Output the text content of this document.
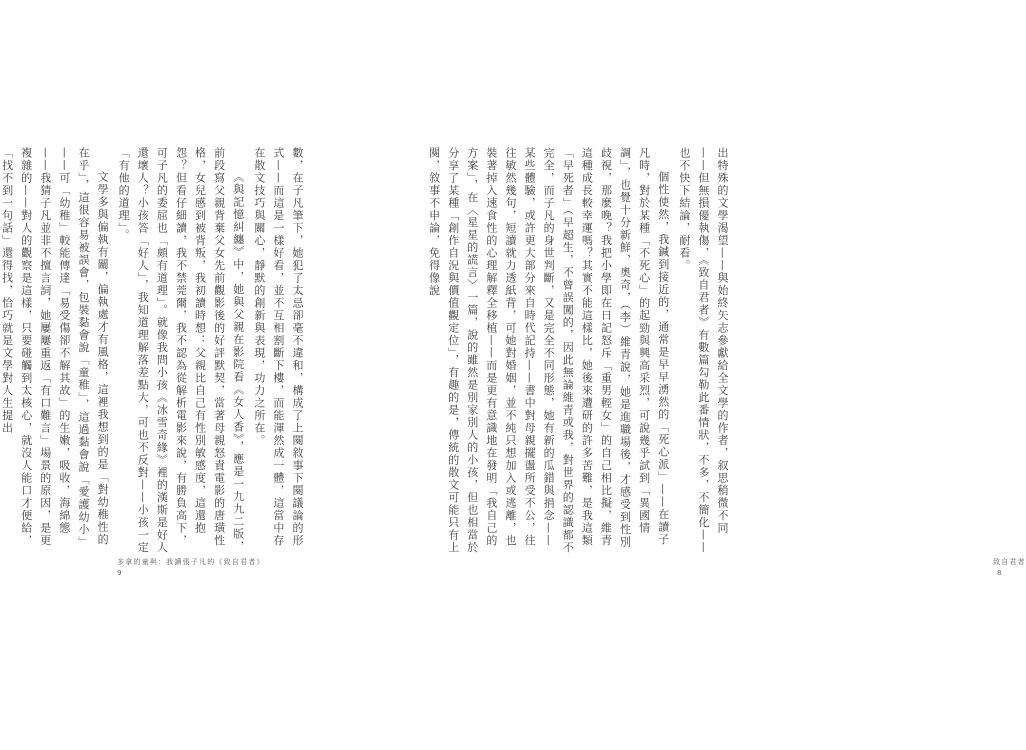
數，在子凡筆下，她犯了太忌卻毫不違和，構成了上闋敘事下闋議論的形式——而這是一樣好看，並不互相割斷下樓，而能渾然成一體，這當中存在散文技巧與關心，靜默的創新與表現，功力之所在。

《與記憶糾纏》中，她與父親在影院看《女人香》，應是一九九二版，前段寫父親背棄父女先前觀影後的好評默契，當著母親怒責電影的唐璜性格，女兒感到被背叛，我初讀時想：父親比自己有性別敏感度，這還抱怨？但看仔細讀，我不禁莞爾，我不認為從解析電影來說，有勝負高下，可子凡的委屈也「頗有道理」。就像我問小孩《冰雪奇緣》裡的漢斯是好人還壞人？小孩答「好人」，我知道理解落差點大，可也不反對——小孩一定「有他的道理」。

文學多與偏執有關，偏執處才有風格，這裡我想到的是「對幼稚性的在乎」，這很容易被誤會，包裝黏會說「童稚」，這過黏會說「愛護幼小」——可「幼稚」較能傳達「易受傷卻不解其故」的生嫩，吸收，海綿態——我猜子凡並非不擅言詞，她屢屢重返「有口難言」場景的原因，是更複雜的——對人的觀察是這樣，只要碰觸到太核心，就沒人能口才便給，「找不到一句話」還得找，恰巧就是文學對人生提出

多拿的童與：我讀張子凡的《致自君者》
9

出特殊的文學渴望——與始終矢志參獻給全文學的作者，叙思稍微不同——但無損優執傷，《致自君者》有數篇勾勒此番情狀，不多，不簡化——也不快下結論，耐看。

個性使然，我鍼到接近的，通常是早早湧然的「死心派」——在讀子凡時，對於某種「不死心」的起勁與興高采烈，可說幾乎試到「異國情調」，也覺十分新鮮，奧奇，（李）維青說，她是進職場後，才感受到性別歧視，那麼晚？我把小學即在日記怒斥「重男輕女」的自己相比擬，維青這種成長較幸運嗎？其實不能這樣比，她後來遭研的許多苦難，是我這類「早死者」（早超生，不曾誤闖的，因此無論維青或我，對世界的認識都不完全，而子凡的身世判斷，又是完全不同形態，她有新的瓜錯與捐念——某些體驗，或許更大部分來自時代記持——書中對母親擺盪所受不公，往往敏然幾句，短讀就力透紙背，可她對婚姻，並不純只想加入或逃離，也裝著掉入速食性的心理解釋全移植——而是更有意識地在發明「我自己的方案」，在〈星星的謊言〉一篇，說的雖然是別家別人的小孩，但也相當於分享了某種「創作自況與價值觀定位」，有趣的是，傳統的散文可能只有上闋，敘事不申論，免得像說

致自君者
8
